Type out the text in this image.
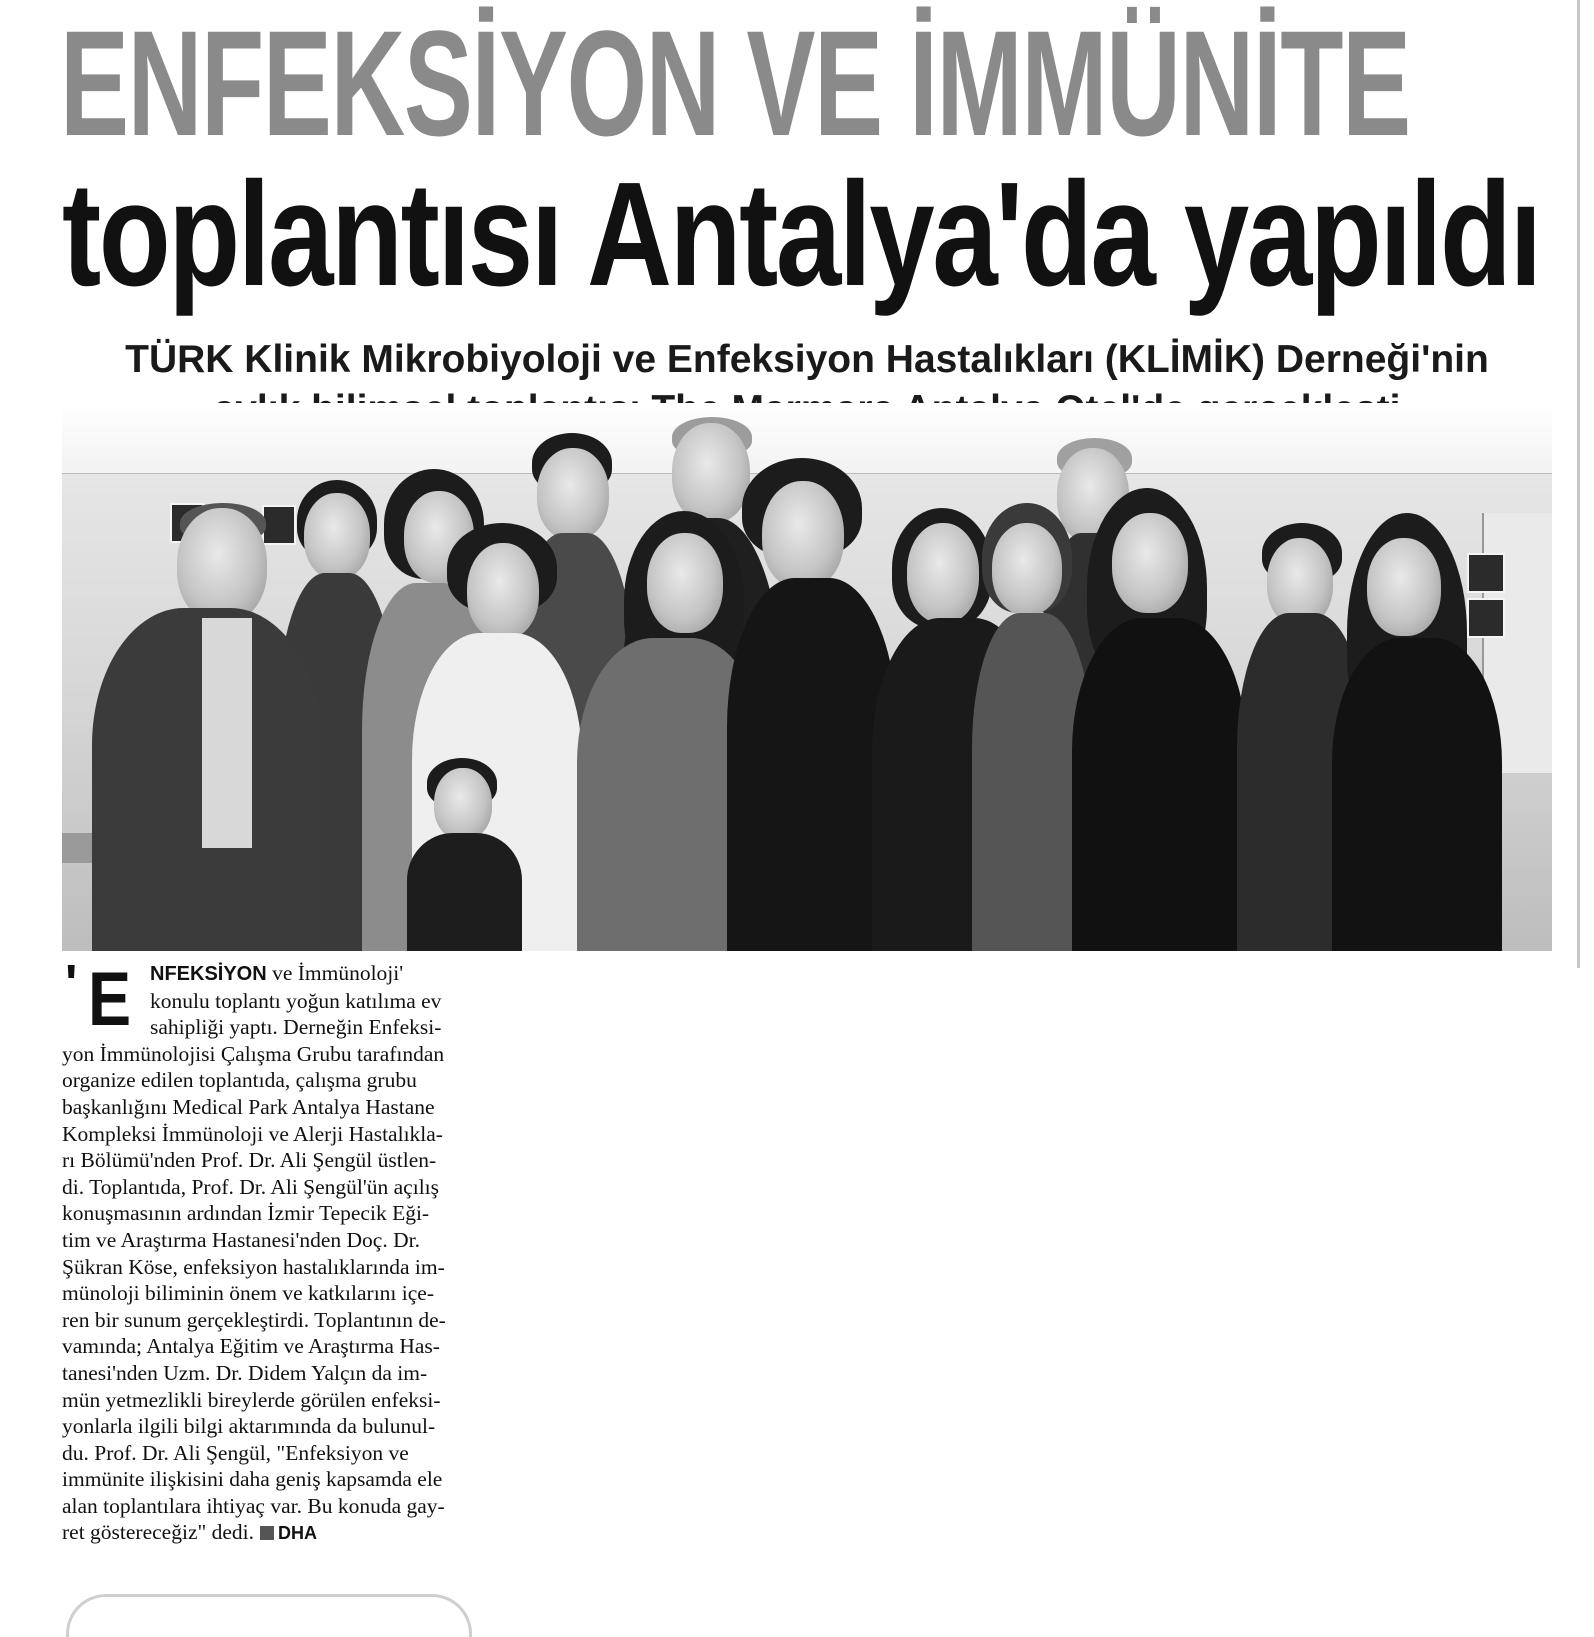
ENFEKSİYON VE İMMÜNİTE
toplantısı Antalya'da yapıldı
TÜRK Klinik Mikrobiyoloji ve Enfeksiyon Hastalıkları (KLİMİK) Derneği'nin
' E NFEKSİYON ve İmmünoloji'
konulu toplantı yoğun katılıma ev
sahipliği yaptı. Derneğin Enfeksi-
yon İmmünolojisi Çalışma Grubu tarafından
organize edilen toplantıda, çalışma grubu
başkanlığını Medical Park Antalya Hastane
Kompleksi İmmünoloji ve Alerji Hastalıkla-
rı Bölümü'nden Prof. Dr. Ali Şengül üstlen-
di. Toplantıda, Prof. Dr. Ali Şengül'ün açılış
konuşmasının ardından İzmir Tepecik Eği-
tim ve Araştırma Hastanesi'nden Doç. Dr.
Şükran Köse, enfeksiyon hastalıklarında im-
münoloji biliminin önem ve katkılarını içe-
ren bir sunum gerçekleştirdi. Toplantının de-
vamında; Antalya Eğitim ve Araştırma Has-
tanesi'nden Uzm. Dr. Didem Yalçın da im-
mün yetmezlikli bireylerde görülen enfeksi-
yonlarla ilgili bilgi aktarımında da bulunul-
du. Prof. Dr. Ali Şengül, "Enfeksiyon ve
immünite ilişkisini daha geniş kapsamda ele
alan toplantılara ihtiyaç var. Bu konuda gay-
ret göstereceğiz" dedi. DHA
